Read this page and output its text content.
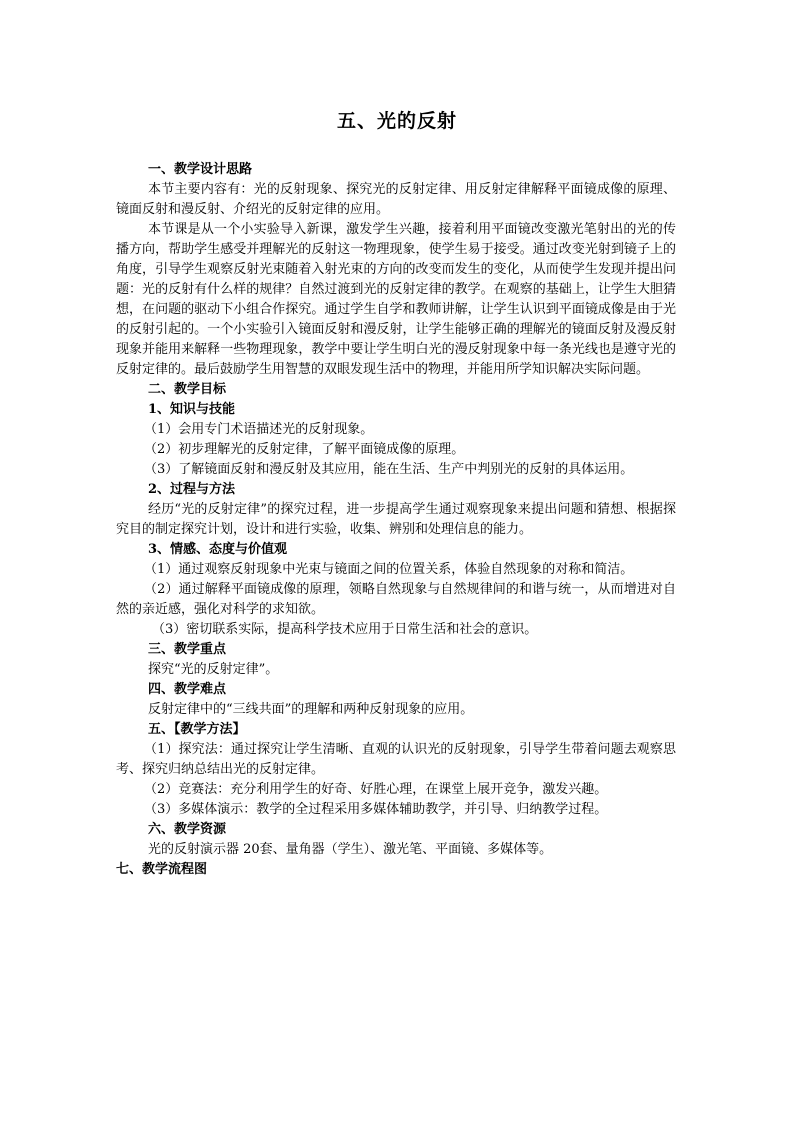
五、光的反射

一、教学设计思路

本节主要内容有：光的反射现象、探究光的反射定律、用反射定律解释平面镜成像的原理、镜面反射和漫反射、介绍光的反射定律的应用。

本节课是从一个小实验导入新课，激发学生兴趣，接着利用平面镜改变激光笔射出的光的传播方向，帮助学生感受并理解光的反射这一物理现象，使学生易于接受。通过改变光射到镜子上的角度，引导学生观察反射光束随着入射光束的方向的改变而发生的变化，从而使学生发现并提出问题：光的反射有什么样的规律？自然过渡到光的反射定律的教学。在观察的基础上，让学生大胆猜想，在问题的驱动下小组合作探究。通过学生自学和教师讲解，让学生认识到平面镜成像是由于光的反射引起的。一个小实验引入镜面反射和漫反射，让学生能够正确的理解光的镜面反射及漫反射现象并能用来解释一些物理现象，教学中要让学生明白光的漫反射现象中每一条光线也是遵守光的反射定律的。最后鼓励学生用智慧的双眼发现生活中的物理，并能用所学知识解决实际问题。

二、教学目标

1、知识与技能

（1）会用专门术语描述光的反射现象。

（2）初步理解光的反射定律，了解平面镜成像的原理。

（3）了解镜面反射和漫反射及其应用，能在生活、生产中判别光的反射的具体运用。

2、过程与方法

经历“光的反射定律”的探究过程，进一步提高学生通过观察现象来提出问题和猜想、根据探究目的制定探究计划，设计和进行实验，收集、辨别和处理信息的能力。

3、情感、态度与价值观

（1）通过观察反射现象中光束与镜面之间的位置关系，体验自然现象的对称和简洁。

（2）通过解释平面镜成像的原理，领略自然现象与自然规律间的和谐与统一，从而增进对自然的亲近感，强化对科学的求知欲。

（3）密切联系实际，提高科学技术应用于日常生活和社会的意识。

三、教学重点

探究“光的反射定律”。

四、教学难点

反射定律中的“三线共面”的理解和两种反射现象的应用。

五、【教学方法】

（1）探究法：通过探究让学生清晰、直观的认识光的反射现象，引导学生带着问题去观察思考、探究归纳总结出光的反射定律。

（2）竞赛法：充分利用学生的好奇、好胜心理，在课堂上展开竞争，激发兴趣。

（3）多媒体演示：教学的全过程采用多媒体辅助教学，并引导、归纳教学过程。

六、教学资源

光的反射演示器 20套、量角器（学生）、激光笔、平面镜、多媒体等。

七、教学流程图
